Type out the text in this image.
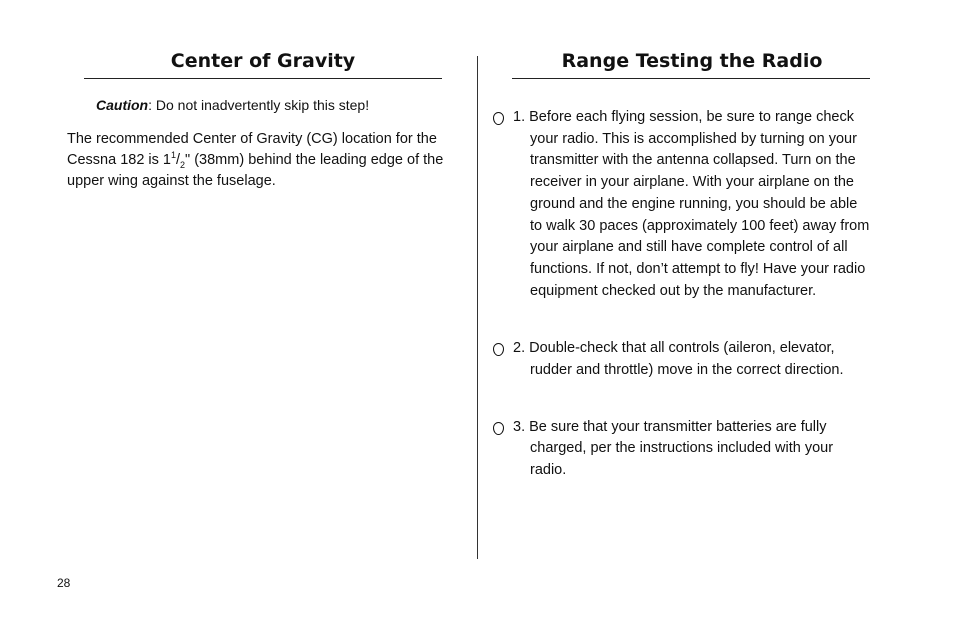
Center of Gravity

Caution: Do not inadvertently skip this step!

The recommended Center of Gravity (CG) location for the Cessna 182 is $1^1/_2$" (38mm) behind the leading edge of the upper wing against the fuselage.

Range Testing the Radio
1. Before each flying session, be sure to range check your radio. This is accomplished by turning on your transmitter with the antenna collapsed. Turn on the receiver in your airplane. With your airplane on the ground and the engine running, you should be able to walk 30 paces (approximately 100 feet) away from your airplane and still have complete control of all functions. If not, don’t attempt to fly! Have your radio equipment checked out by the manufacturer.
2. Double-check that all controls (aileron, elevator, rudder and throttle) move in the correct direction.
3. Be sure that your transmitter batteries are fully charged, per the instructions included with your radio.
28
